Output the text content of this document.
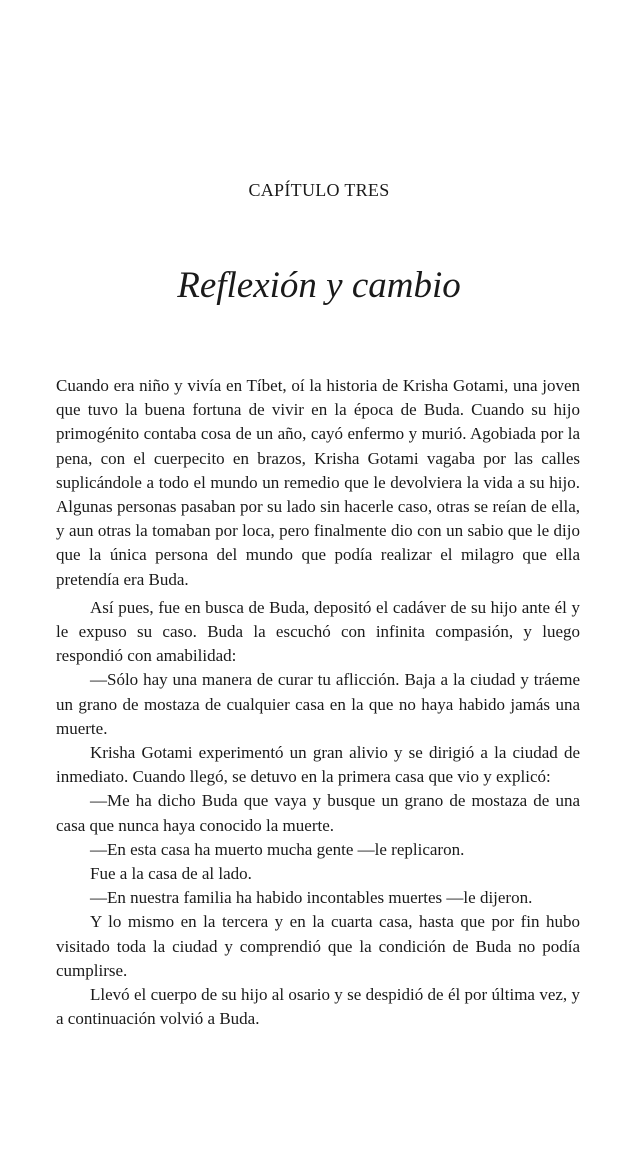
CAPÍTULO TRES
Reflexión y cambio

Cuando era niño y vivía en Tíbet, oí la historia de Krisha Gotami, una joven que tuvo la buena fortuna de vivir en la época de Buda. Cuando su hijo primogénito contaba cosa de un año, cayó enfermo y murió. Agobiada por la pena, con el cuerpecito en brazos, Krisha Gotami vagaba por las calles suplicándole a todo el mundo un remedio que le devolviera la vida a su hijo. Algunas personas pasaban por su lado sin hacerle caso, otras se reían de ella, y aun otras la tomaban por loca, pero finalmente dio con un sabio que le dijo que la única persona del mundo que podía realizar el milagro que ella pretendía era Buda.

Así pues, fue en busca de Buda, depositó el cadáver de su hijo ante él y le expuso su caso. Buda la escuchó con infinita compasión, y luego respondió con amabilidad:

—Sólo hay una manera de curar tu aflicción. Baja a la ciudad y tráeme un grano de mostaza de cualquier casa en la que no haya habido jamás una muerte.

Krisha Gotami experimentó un gran alivio y se dirigió a la ciudad de inmediato. Cuando llegó, se detuvo en la primera casa que vio y explicó:

—Me ha dicho Buda que vaya y busque un grano de mostaza de una casa que nunca haya conocido la muerte.

—En esta casa ha muerto mucha gente —le replicaron.

Fue a la casa de al lado.

—En nuestra familia ha habido incontables muertes —le dijeron.

Y lo mismo en la tercera y en la cuarta casa, hasta que por fin hubo visitado toda la ciudad y comprendió que la condición de Buda no podía cumplirse.

Llevó el cuerpo de su hijo al osario y se despidió de él por última vez, y a continuación volvió a Buda.
